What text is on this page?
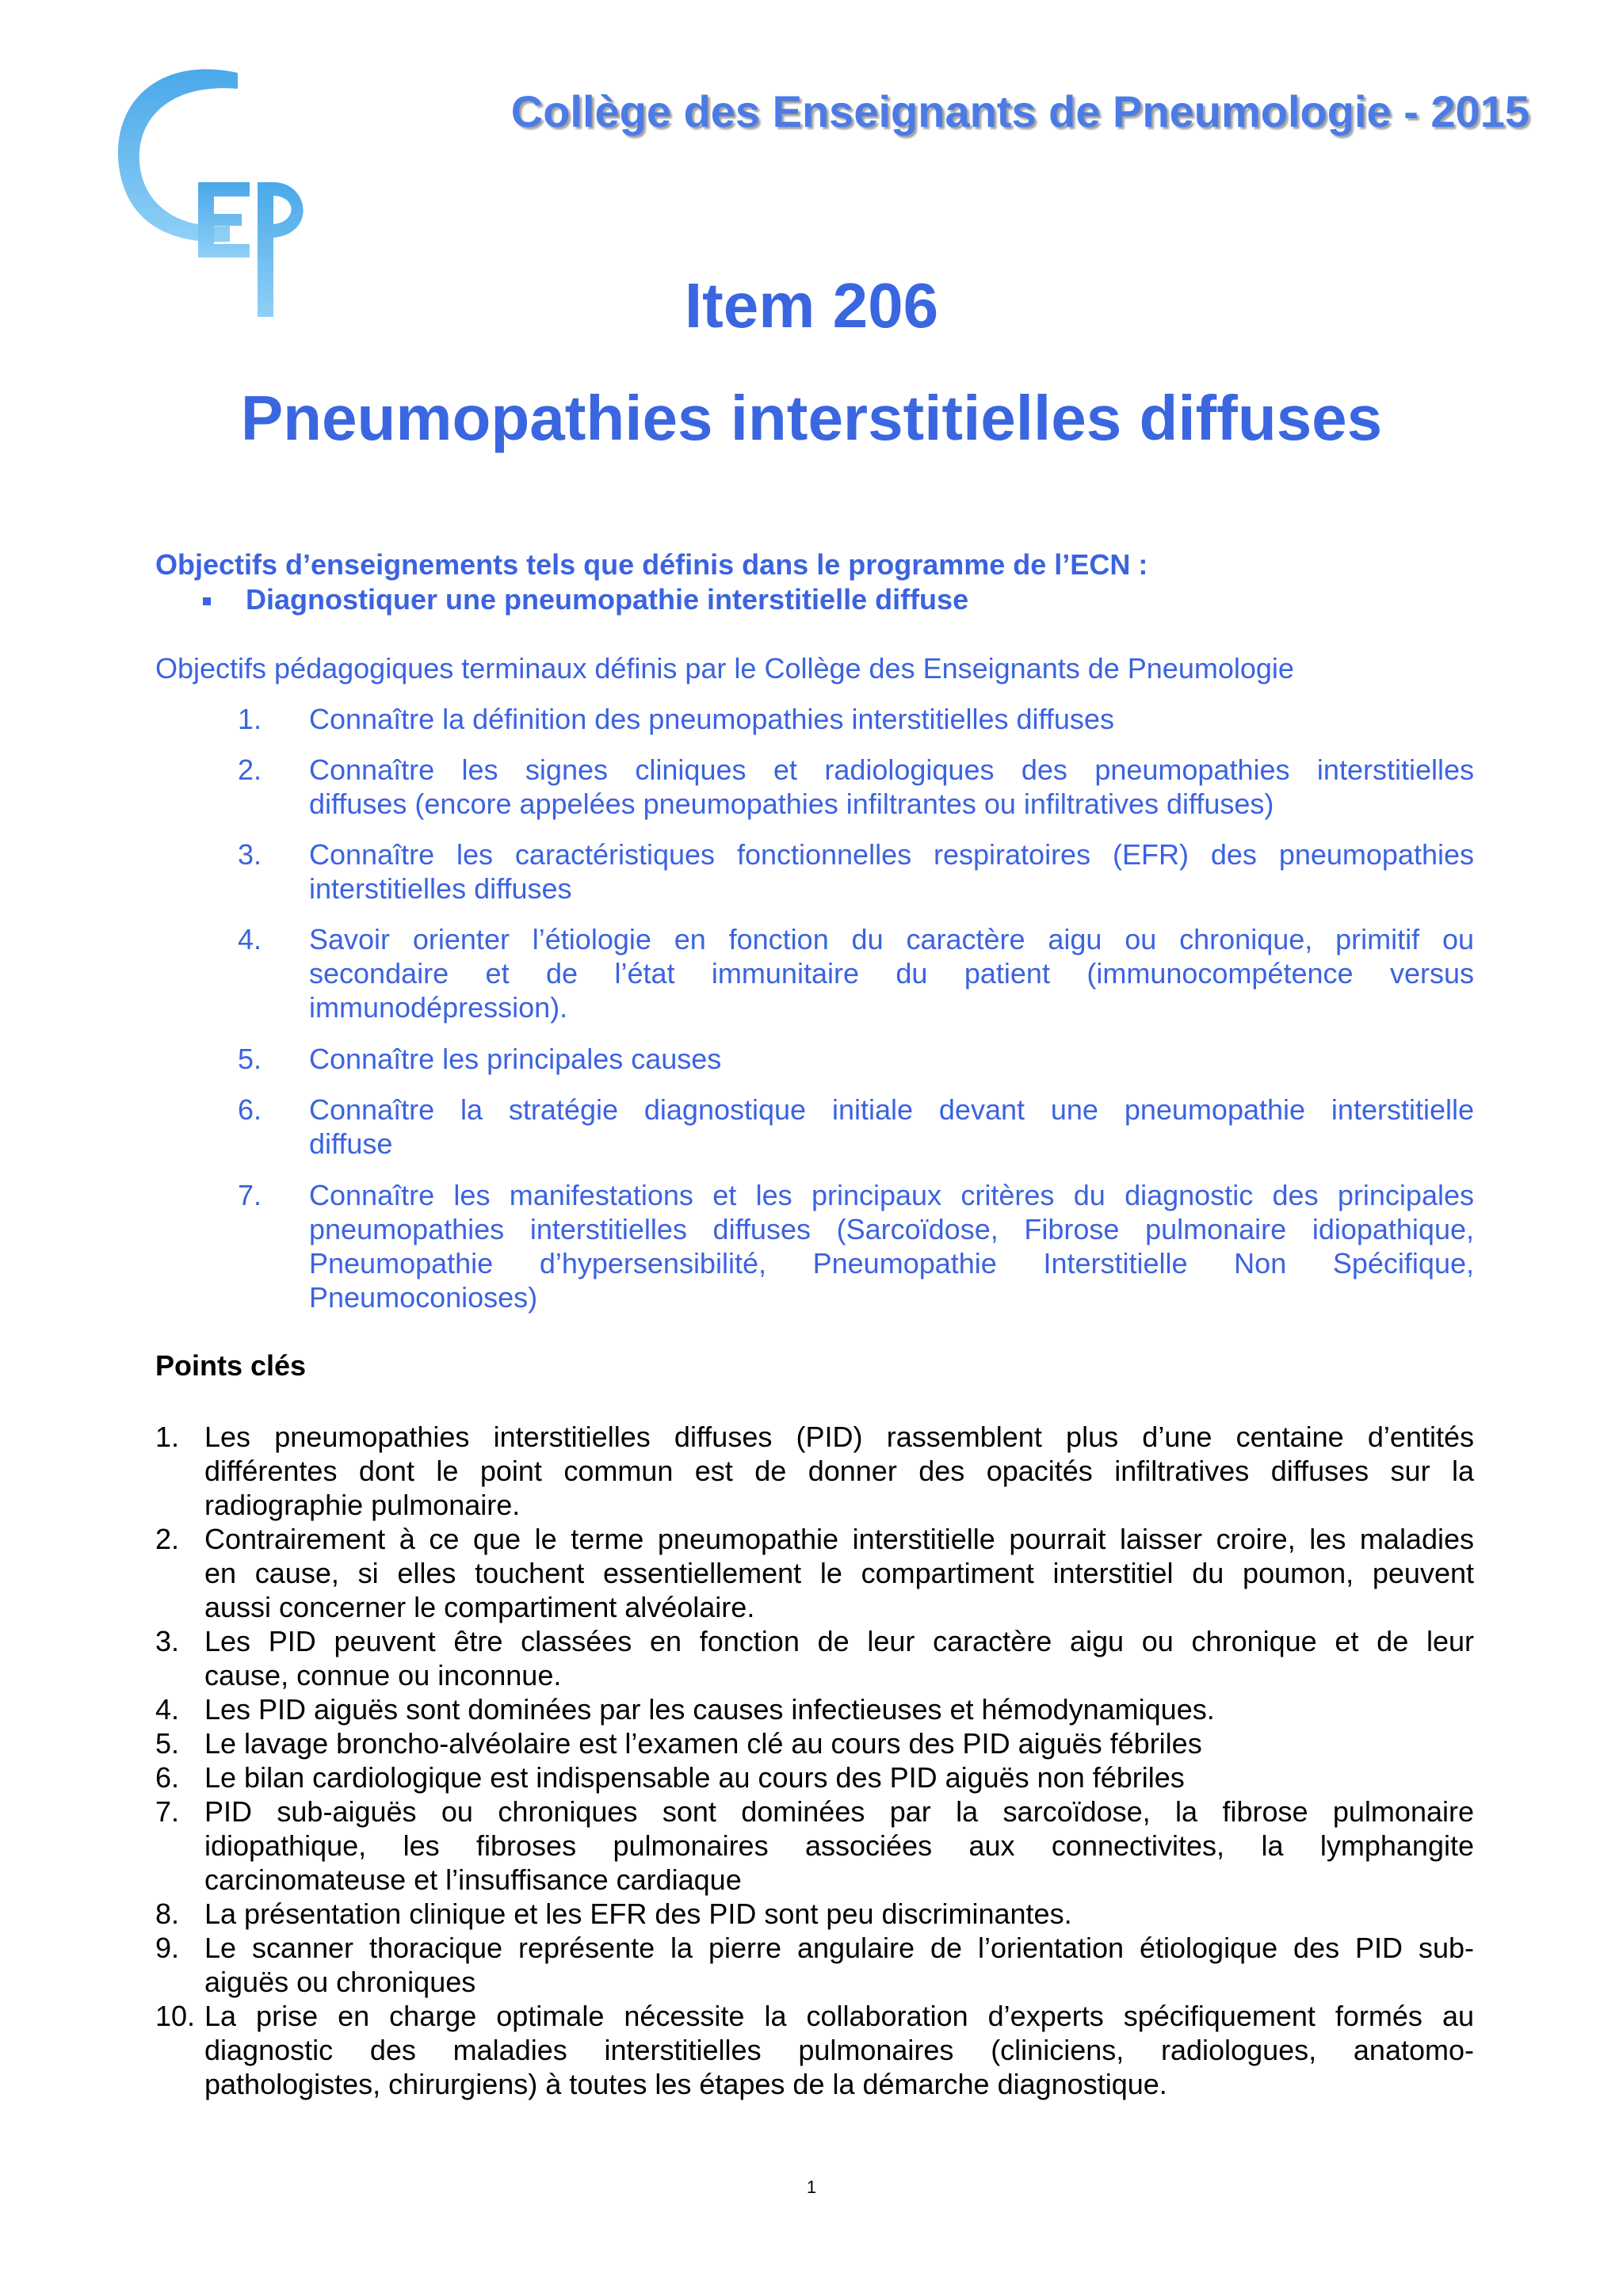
CEP
Collège des Enseignants de Pneumologie - 2015
Item 206
Pneumopathies interstitielles diffuses
Objectifs d’enseignements tels que définis dans le programme de l’ECN :
Diagnostiquer une pneumopathie interstitielle diffuse
Objectifs pédagogiques terminaux définis par le Collège des Enseignants de Pneumologie
1.	Connaître la définition des pneumopathies interstitielles diffuses
2.	Connaître les signes cliniques et radiologiques des pneumopathies interstitielles
diffuses (encore appelées pneumopathies infiltrantes ou infiltratives diffuses)
3.	Connaître les caractéristiques fonctionnelles respiratoires (EFR) des pneumopathies
interstitielles diffuses
4.	Savoir orienter l’étiologie en fonction du caractère aigu ou chronique, primitif ou
secondaire et de l’état immunitaire du patient (immunocompétence versus
immunodépression).
5.	Connaître les principales causes
6.	Connaître la stratégie diagnostique initiale devant une pneumopathie interstitielle
diffuse
7.	Connaître les manifestations et les principaux critères du diagnostic des principales
pneumopathies interstitielles diffuses (Sarcoïdose, Fibrose pulmonaire idiopathique,
Pneumopathie d’hypersensibilité, Pneumopathie Interstitielle Non Spécifique,
Pneumoconioses)
Points clés
1. Les pneumopathies interstitielles diffuses (PID) rassemblent plus d’une centaine d’entités
différentes dont le point commun est de donner des opacités infiltratives diffuses sur la
radiographie pulmonaire.
2. Contrairement à ce que le terme pneumopathie interstitielle pourrait laisser croire, les maladies
en cause, si elles touchent essentiellement le compartiment interstitiel du poumon, peuvent
aussi concerner le compartiment alvéolaire.
3. Les PID peuvent être classées en fonction de leur caractère aigu ou chronique et de leur
cause, connue ou inconnue.
4. Les PID aiguës sont dominées par les causes infectieuses et hémodynamiques.
5. Le lavage broncho-alvéolaire est l’examen clé au cours des PID aiguës fébriles
6. Le bilan cardiologique est indispensable au cours des PID aiguës non fébriles
7. PID sub-aiguës ou chroniques sont dominées par la sarcoïdose, la fibrose pulmonaire
idiopathique, les fibroses pulmonaires associées aux connectivites, la lymphangite
carcinomateuse et l’insuffisance cardiaque
8. La présentation clinique et les EFR des PID sont peu discriminantes.
9. Le scanner thoracique représente la pierre angulaire de l’orientation étiologique des PID sub-
aiguës ou chroniques
10. La prise en charge optimale nécessite la collaboration d’experts spécifiquement formés au
diagnostic des maladies interstitielles pulmonaires (cliniciens, radiologues, anatomo-
pathologistes, chirurgiens) à toutes les étapes de la démarche diagnostique.
1
